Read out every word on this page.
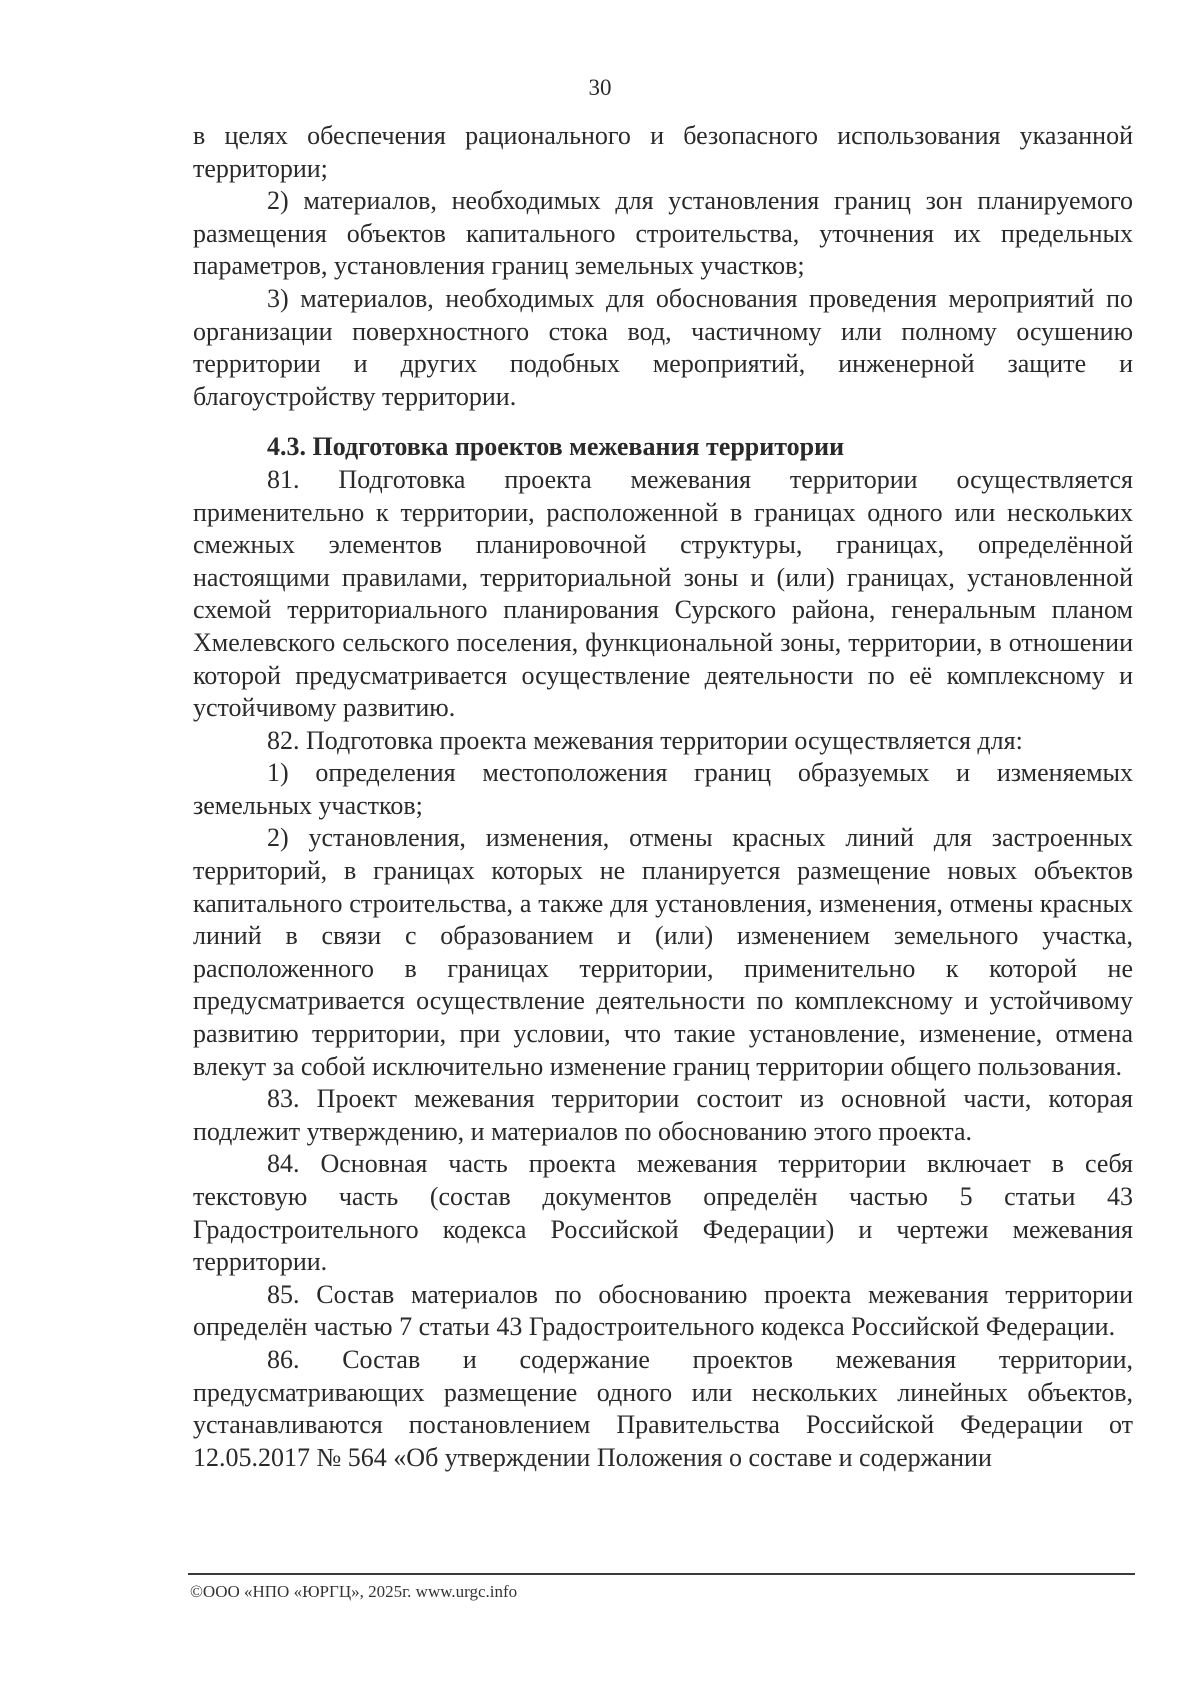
30

в целях обеспечения рационального и безопасного использования указанной территории;

2) материалов, необходимых для установления границ зон планируемого размещения объектов капитального строительства, уточнения их предельных параметров, установления границ земельных участков;

3) материалов, необходимых для обоснования проведения мероприятий по организации поверхностного стока вод, частичному или полному осушению территории и других подобных мероприятий, инженерной защите и благоустройству территории.

4.3. Подготовка проектов межевания территории

81. Подготовка проекта межевания территории осуществляется применительно к территории, расположенной в границах одного или нескольких смежных элементов планировочной структуры, границах, определённой настоящими правилами, территориальной зоны и (или) границах, установленной схемой территориального планирования Сурского района, генеральным планом Хмелевского сельского поселения, функциональной зоны, территории, в отношении которой предусматривается осуществление деятельности по её комплексному и устойчивому развитию.

82. Подготовка проекта межевания территории осуществляется для:

1) определения местоположения границ образуемых и изменяемых земельных участков;

2) установления, изменения, отмены красных линий для застроенных территорий, в границах которых не планируется размещение новых объектов капитального строительства, а также для установления, изменения, отмены красных линий в связи с образованием и (или) изменением земельного участка, расположенного в границах территории, применительно к которой не предусматривается осуществление деятельности по комплексному и устойчивому развитию территории, при условии, что такие установление, изменение, отмена влекут за собой исключительно изменение границ территории общего пользования.

83. Проект межевания территории состоит из основной части, которая подлежит утверждению, и материалов по обоснованию этого проекта.

84. Основная часть проекта межевания территории включает в себя текстовую часть (состав документов определён частью 5 статьи 43 Градостроительного кодекса Российской Федерации) и чертежи межевания территории.

85. Состав материалов по обоснованию проекта межевания территории определён частью 7 статьи 43 Градостроительного кодекса Российской Федерации.

86. Состав и содержание проектов межевания территории, предусматривающих размещение одного или нескольких линейных объектов, устанавливаются постановлением Правительства Российской Федерации от 12.05.2017 № 564 «Об утверждении Положения о составе и содержании

©ООО «НПО «ЮРГЦ», 2025г. www.urgc.info
